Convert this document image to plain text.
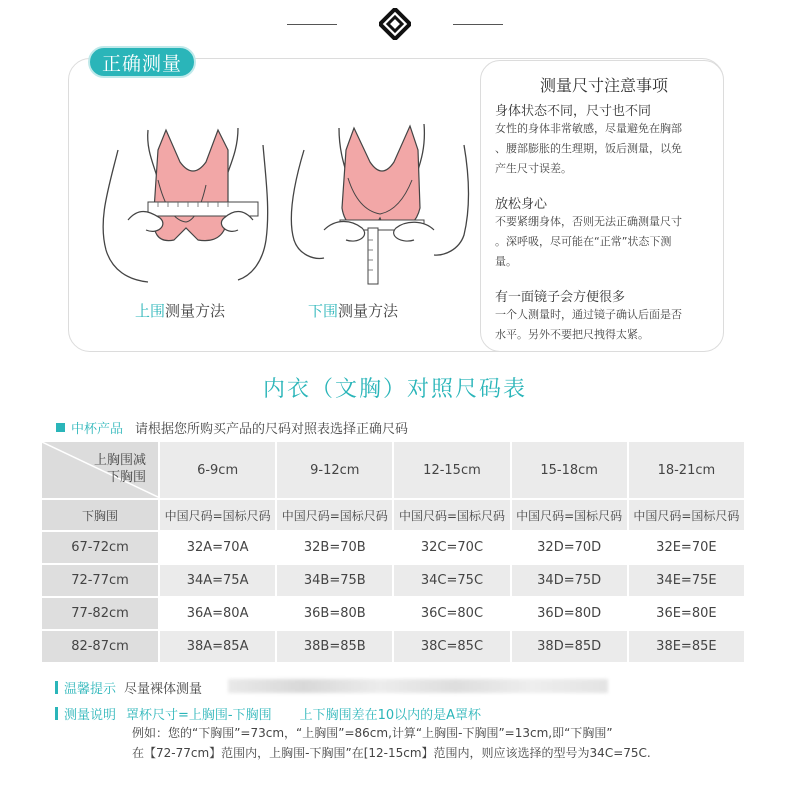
正确测量
上围测量方法	下围测量方法
测量尺寸注意事项
身体状态不同，尺寸也不同
女性的身体非常敏感，尽量避免在胸部
、腰部膨胀的生理期，饭后测量，以免
产生尺寸误差。
放松身心
不要紧绷身体，否则无法正确测量尺寸
。深呼吸，尽可能在“正常”状态下测
量。
有一面镜子会方便很多
一个人测量时，通过镜子确认后面是否
水平。另外不要把尺拽得太紧。
内衣（文胸）对照尺码表
中杯产品 请根据您所购买产品的尺码对照表选择正确尺码
上胸围减
下胸围	6-9cm	9-12cm	12-15cm	15-18cm	18-21cm
下胸围	中国尺码=国标尺码	中国尺码=国标尺码	中国尺码=国标尺码	中国尺码=国标尺码	中国尺码=国标尺码
67-72cm	32A=70A	32B=70B	32C=70C	32D=70D	32E=70E
72-77cm	34A=75A	34B=75B	34C=75C	34D=75D	34E=75E
77-82cm	36A=80A	36B=80B	36C=80C	36D=80D	36E=80E
82-87cm	38A=85A	38B=85B	38C=85C	38D=85D	38E=85E
温馨提示 尽量裸体测量
测量说明 罩杯尺寸=上胸围-下胸围 上下胸围差在10以内的是A罩杯
例如：您的“下胸围”=73cm，“上胸围”=86cm,计算“上胸围-下胸围”=13cm,即“下胸围”
在【72-77cm】范围内，上胸围-下胸围”在[12-15cm】范围内，则应该选择的型号为34C=75C.
